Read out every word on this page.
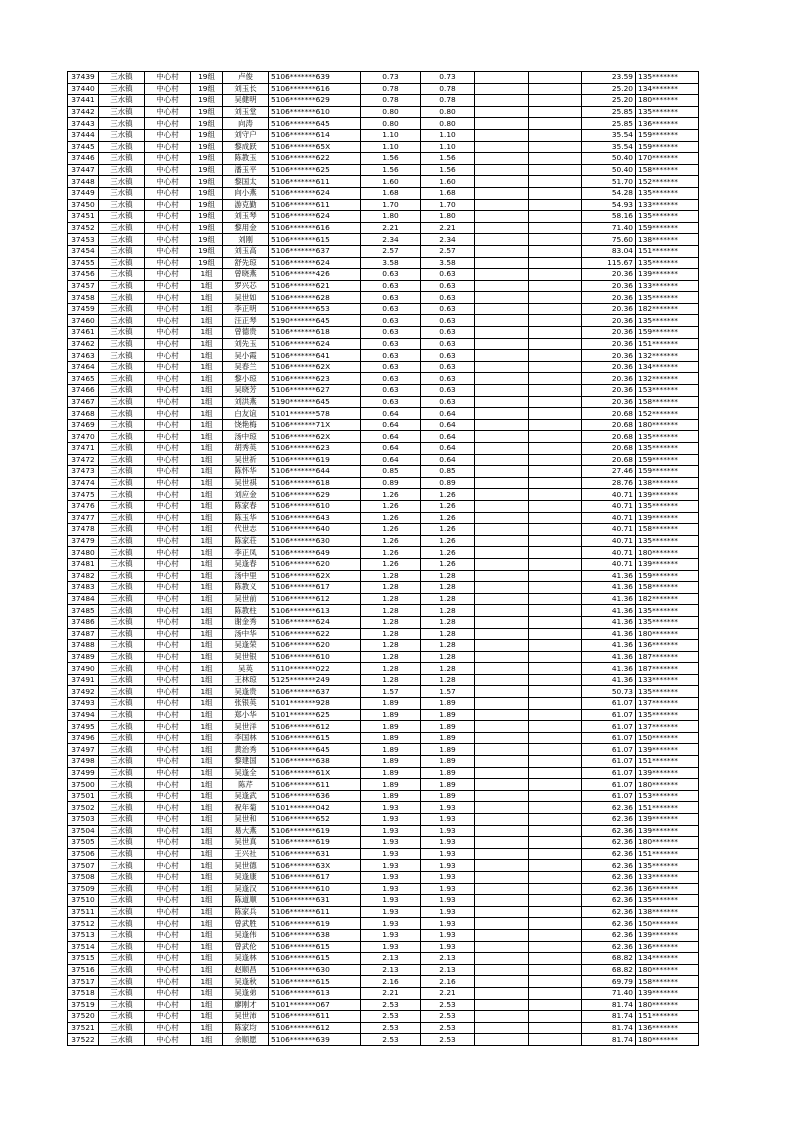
37439	三水镇	中心村	19组	卢俊	5106*******639	0.73	0.73			23.59	135*******
37440	三水镇	中心村	19组	刘玉长	5106*******616	0.78	0.78			25.20	134*******
37441	三水镇	中心村	19组	吴健明	5106*******629	0.78	0.78			25.20	180*******
37442	三水镇	中心村	19组	刘玉堂	5106*******610	0.80	0.80			25.85	135*******
37443	三水镇	中心村	19组	向涛	5106*******645	0.80	0.80			25.85	136*******
37444	三水镇	中心村	19组	刘守户	5106*******614	1.10	1.10			35.54	159*******
37445	三水镇	中心村	19组	黎成跃	5106*******65X	1.10	1.10			35.54	159*******
37446	三水镇	中心村	19组	陈教玉	5106*******622	1.56	1.56			50.40	170*******
37447	三水镇	中心村	19组	潘玉平	5106*******625	1.56	1.56			50.40	158*******
37448	三水镇	中心村	19组	黎国太	5106*******611	1.60	1.60			51.70	152*******
37449	三水镇	中心村	19组	向小燕	5106*******624	1.68	1.68			54.28	135*******
37450	三水镇	中心村	19组	游克勤	5106*******611	1.70	1.70			54.93	133*******
37451	三水镇	中心村	19组	刘玉琴	5106*******624	1.80	1.80			58.16	135*******
37452	三水镇	中心村	19组	黎用金	5106*******616	2.21	2.21			71.40	159*******
37453	三水镇	中心村	19组	刘刚	5106*******615	2.34	2.34			75.60	138*******
37454	三水镇	中心村	19组	刘玉高	5106*******637	2.57	2.57			83.04	151*******
37455	三水镇	中心村	19组	舒先琼	5106*******624	3.58	3.58			115.67	135*******
37456	三水镇	中心村	1组	曾晓燕	5106*******426	0.63	0.63			20.36	139*******
37457	三水镇	中心村	1组	罗兴芯	5106*******621	0.63	0.63			20.36	133*******
37458	三水镇	中心村	1组	吴世如	5106*******628	0.63	0.63			20.36	135*******
37459	三水镇	中心村	1组	李正明	5106*******653	0.63	0.63			20.36	182*******
37460	三水镇	中心村	1组	汪正琴	5190*******645	0.63	0.63			20.36	135*******
37461	三水镇	中心村	1组	曾德贵	5106*******618	0.63	0.63			20.36	159*******
37462	三水镇	中心村	1组	刘先玉	5106*******624	0.63	0.63			20.36	151*******
37463	三水镇	中心村	1组	吴小霞	5106*******641	0.63	0.63			20.36	132*******
37464	三水镇	中心村	1组	吴春兰	5106*******62X	0.63	0.63			20.36	134*******
37465	三水镇	中心村	1组	黎小琼	5106*******623	0.63	0.63			20.36	132*******
37466	三水镇	中心村	1组	吴晓芳	5106*******627	0.63	0.63			20.36	153*******
37467	三水镇	中心村	1组	刘洪燕	5190*******645	0.63	0.63			20.36	158*******
37468	三水镇	中心村	1组	白友谊	5101*******578	0.64	0.64			20.68	152*******
37469	三水镇	中心村	1组	饶艳梅	5106*******71X	0.64	0.64			20.68	180*******
37470	三水镇	中心村	1组	汤中琼	5106*******62X	0.64	0.64			20.68	135*******
37471	三水镇	中心村	1组	胡秀英	5106*******623	0.64	0.64			20.68	135*******
37472	三水镇	中心村	1组	吴世祈	5106*******619	0.64	0.64			20.68	159*******
37473	三水镇	中心村	1组	陈怀华	5106*******644	0.85	0.85			27.46	159*******
37474	三水镇	中心村	1组	吴世祺	5106*******618	0.89	0.89			28.76	138*******
37475	三水镇	中心村	1组	刘应金	5106*******629	1.26	1.26			40.71	139*******
37476	三水镇	中心村	1组	陈家春	5106*******610	1.26	1.26			40.71	135*******
37477	三水镇	中心村	1组	陈玉华	5106*******643	1.26	1.26			40.71	139*******
37478	三水镇	中心村	1组	代世志	5106*******640	1.26	1.26			40.71	158*******
37479	三水镇	中心村	1组	陈家荘	5106*******630	1.26	1.26			40.71	135*******
37480	三水镇	中心村	1组	李正凤	5106*******649	1.26	1.26			40.71	180*******
37481	三水镇	中心村	1组	吴逢春	5106*******620	1.26	1.26			40.71	139*******
37482	三水镇	中心村	1组	汤中里	5106*******62X	1.28	1.28			41.36	159*******
37483	三水镇	中心村	1组	陈教义	5106*******617	1.28	1.28			41.36	158*******
37484	三水镇	中心村	1组	吴世前	5106*******612	1.28	1.28			41.36	182*******
37485	三水镇	中心村	1组	陈教柱	5106*******613	1.28	1.28			41.36	135*******
37486	三水镇	中心村	1组	谢金秀	5106*******624	1.28	1.28			41.36	135*******
37487	三水镇	中心村	1组	汤中华	5106*******622	1.28	1.28			41.36	180*******
37488	三水镇	中心村	1组	吴逢荣	5106*******620	1.28	1.28			41.36	136*******
37489	三水镇	中心村	1组	吴世银	5106*******610	1.28	1.28			41.36	187*******
37490	三水镇	中心村	1组	吴英	5110*******022	1.28	1.28			41.36	187*******
37491	三水镇	中心村	1组	王林琼	5125*******249	1.28	1.28			41.36	133*******
37492	三水镇	中心村	1组	吴逢贵	5106*******637	1.57	1.57			50.73	135*******
37493	三水镇	中心村	1组	张银英	5101*******928	1.89	1.89			61.07	137*******
37494	三水镇	中心村	1组	郑小华	5101*******625	1.89	1.89			61.07	135*******
37495	三水镇	中心村	1组	吴世洋	5106*******612	1.89	1.89			61.07	137*******
37496	三水镇	中心村	1组	李国林	5106*******615	1.89	1.89			61.07	150*******
37497	三水镇	中心村	1组	黄治秀	5106*******645	1.89	1.89			61.07	139*******
37498	三水镇	中心村	1组	黎建国	5106*******638	1.89	1.89			61.07	151*******
37499	三水镇	中心村	1组	吴逢全	5106*******61X	1.89	1.89			61.07	139*******
37500	三水镇	中心村	1组	陈芹	5106*******611	1.89	1.89			61.07	180*******
37501	三水镇	中心村	1组	吴逢武	5106*******636	1.89	1.89			61.07	153*******
37502	三水镇	中心村	1组	祝年菊	5101*******042	1.93	1.93			62.36	151*******
37503	三水镇	中心村	1组	吴世和	5106*******652	1.93	1.93			62.36	139*******
37504	三水镇	中心村	1组	易大燕	5106*******619	1.93	1.93			62.36	139*******
37505	三水镇	中心村	1组	吴世真	5106*******619	1.93	1.93			62.36	180*******
37506	三水镇	中心村	1组	王兴社	5106*******631	1.93	1.93			62.36	151*******
37507	三水镇	中心村	1组	吴世德	5106*******63X	1.93	1.93			62.36	135*******
37508	三水镇	中心村	1组	吴逢康	5106*******617	1.93	1.93			62.36	133*******
37509	三水镇	中心村	1组	吴逢汉	5106*******610	1.93	1.93			62.36	136*******
37510	三水镇	中心村	1组	陈道顺	5106*******631	1.93	1.93			62.36	135*******
37511	三水镇	中心村	1组	陈家兵	5106*******611	1.93	1.93			62.36	138*******
37512	三水镇	中心村	1组	曾武胜	5106*******619	1.93	1.93			62.36	150*******
37513	三水镇	中心村	1组	吴逢伟	5106*******638	1.93	1.93			62.36	139*******
37514	三水镇	中心村	1组	曾武伦	5106*******615	1.93	1.93			62.36	136*******
37515	三水镇	中心村	1组	吴逢林	5106*******615	2.13	2.13			68.82	134*******
37516	三水镇	中心村	1组	赵顺昌	5106*******630	2.13	2.13			68.82	180*******
37517	三水镇	中心村	1组	吴逢秋	5106*******615	2.16	2.16			69.79	158*******
37518	三水镇	中心村	1组	吴逢弟	5106*******613	2.21	2.21			71.40	139*******
37519	三水镇	中心村	1组	廖刚才	5101*******067	2.53	2.53			81.74	180*******
37520	三水镇	中心村	1组	吴世沛	5106*******611	2.53	2.53			81.74	151*******
37521	三水镇	中心村	1组	陈家均	5106*******612	2.53	2.53			81.74	136*******
37522	三水镇	中心村	1组	余顺愿	5106*******639	2.53	2.53			81.74	180*******
